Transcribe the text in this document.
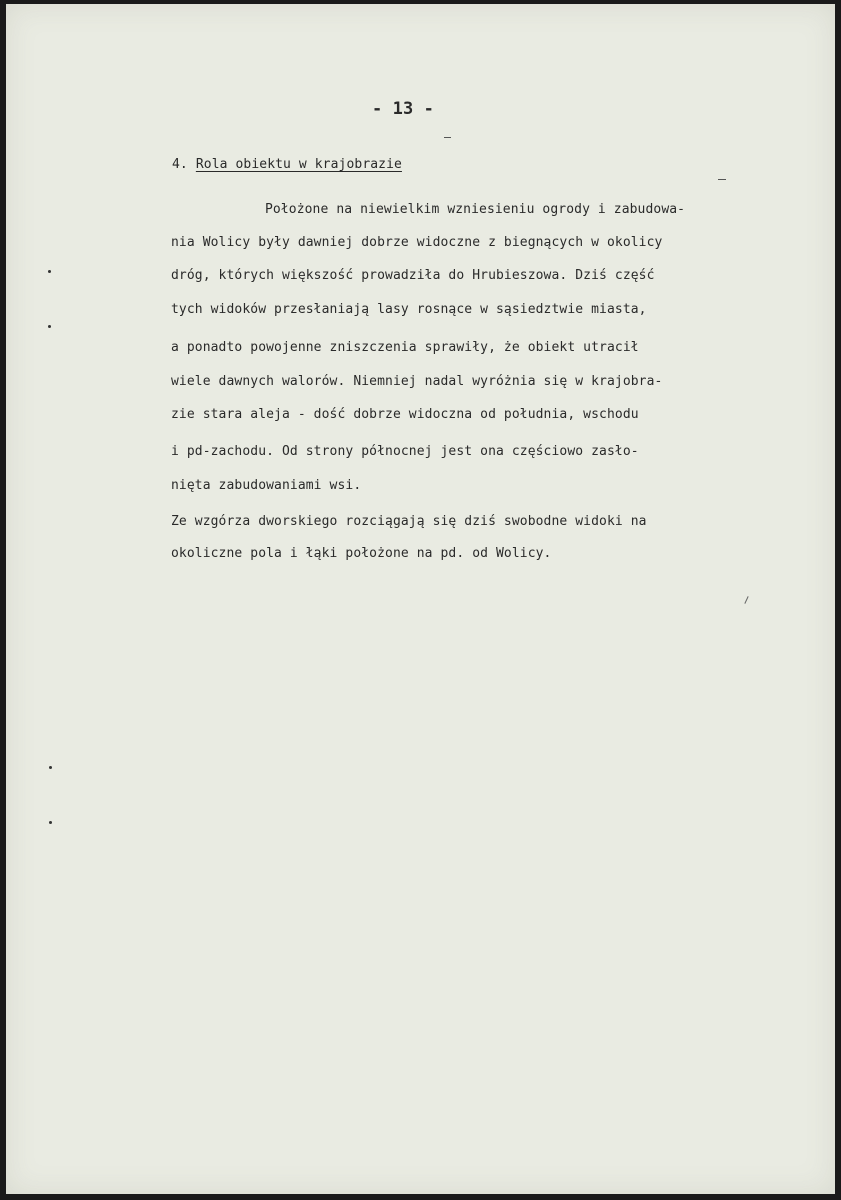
- 13 -
4. Rola obiektu w krajobrazie
Położone na niewielkim wzniesieniu ogrody i zabudowa-
nia Wolicy były dawniej dobrze widoczne z biegnących w okolicy
dróg, których większość prowadziła do Hrubieszowa. Dziś część
tych widoków przesłaniają lasy rosnące w sąsiedztwie miasta,
a ponadto powojenne zniszczenia sprawiły, że obiekt utracił
wiele dawnych walorów. Niemniej nadal wyróżnia się w krajobra-
zie stara aleja - dość dobrze widoczna od południa, wschodu
i pd-zachodu. Od strony północnej jest ona częściowo zasło-
nięta zabudowaniami wsi.
Ze wzgórza dworskiego rozciągają się dziś swobodne widoki na
okoliczne pola i łąki położone na pd. od Wolicy.
